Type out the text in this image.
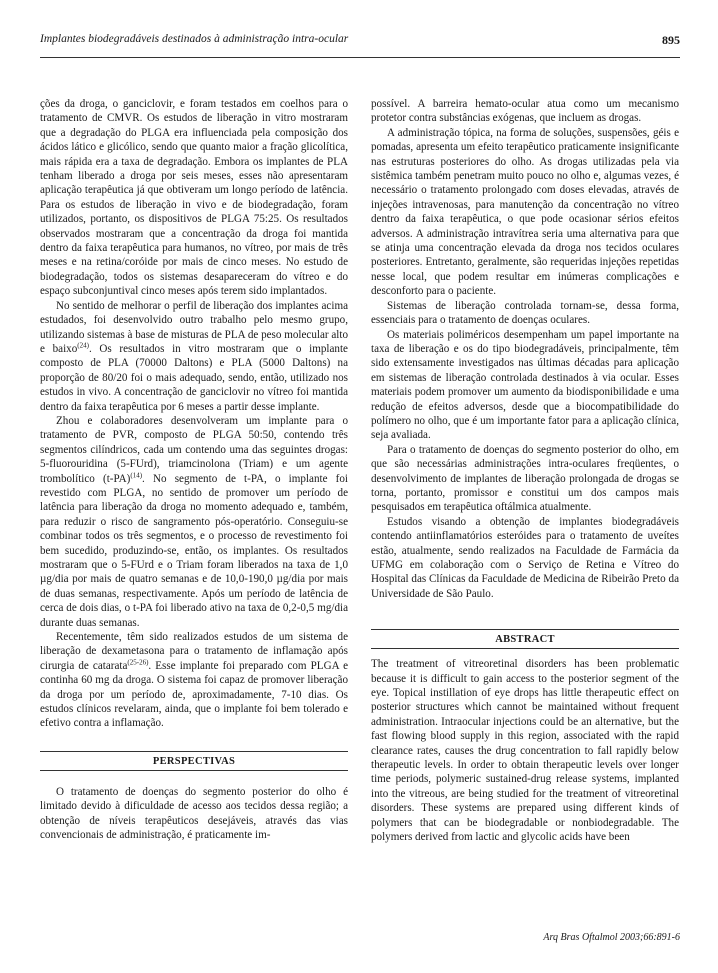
Implantes biodegradáveis destinados à administração intra-ocular	895

ções da droga, o ganciclovir, e foram testados em coelhos para o tratamento de CMVR. Os estudos de liberação in vitro mostraram que a degradação do PLGA era influenciada pela composição dos ácidos lático e glicólico, sendo que quanto maior a fração glicolítica, mais rápida era a taxa de degradação. Embora os implantes de PLA tenham liberado a droga por seis meses, esses não apresentaram aplicação terapêutica já que obtiveram um longo período de latência. Para os estudos de liberação in vivo e de biodegradação, foram utilizados, portanto, os dispositivos de PLGA 75:25. Os resultados observados mostraram que a concentração da droga foi mantida dentro da faixa terapêutica para humanos, no vítreo, por mais de três meses e na retina/coróide por mais de cinco meses. No estudo de biodegradação, todos os sistemas desapareceram do vítreo e do espaço subconjuntival cinco meses após terem sido implantados.

No sentido de melhorar o perfil de liberação dos implantes acima estudados, foi desenvolvido outro trabalho pelo mesmo grupo, utilizando sistemas à base de misturas de PLA de peso molecular alto e baixo$^{(24)}$. Os resultados in vitro mostraram que o implante composto de PLA (70000 Daltons) e PLA (5000 Daltons) na proporção de 80/20 foi o mais adequado, sendo, então, utilizado nos estudos in vivo. A concentração de ganciclovir no vítreo foi mantida dentro da faixa terapêutica por 6 meses a partir desse implante.

Zhou e colaboradores desenvolveram um implante para o tratamento de PVR, composto de PLGA 50:50, contendo três segmentos cilíndricos, cada um contendo uma das seguintes drogas: 5-fluorouridina (5-FUrd), triamcinolona (Triam) e um agente trombolítico $(t-PA)^{(14)}$. No segmento de t-PA, o implante foi revestido com PLGA, no sentido de promover um período de latência para liberação da droga no momento adequado e, também, para reduzir o risco de sangramento pós-operatório. Conseguiu-se combinar todos os três segmentos, e o processo de revestimento foi bem sucedido, produzindo-se, então, os implantes. Os resultados mostraram que o 5-FUrd e o Triam foram liberados na taxa de 1,0 µg/dia por mais de quatro semanas e de 10,0-190,0 µg/dia por mais de duas semanas, respectivamente. Após um período de latência de cerca de dois dias, o t-PA foi liberado ativo na taxa de 0,2-0,5 mg/dia durante duas semanas.

Recentemente, têm sido realizados estudos de um sistema de liberação de dexametasona para o tratamento de inflamação após cirurgia de catarata$^{(25-26)}$. Esse implante foi preparado com PLGA e continha 60 mg da droga. O sistema foi capaz de promover liberação da droga por um período de, aproximadamente, 7-10 dias. Os estudos clínicos revelaram, ainda, que o implante foi bem tolerado e efetivo contra a inflamação.

PERSPECTIVAS

O tratamento de doenças do segmento posterior do olho é limitado devido à dificuldade de acesso aos tecidos dessa região; a obtenção de níveis terapêuticos desejáveis, através das vias convencionais de administração, é praticamente im-

possível. A barreira hemato-ocular atua como um mecanismo protetor contra substâncias exógenas, que incluem as drogas.

A administração tópica, na forma de soluções, suspensões, géis e pomadas, apresenta um efeito terapêutico praticamente insignificante nas estruturas posteriores do olho. As drogas utilizadas pela via sistêmica também penetram muito pouco no olho e, algumas vezes, é necessário o tratamento prolongado com doses elevadas, através de injeções intravenosas, para manutenção da concentração no vítreo dentro da faixa terapêutica, o que pode ocasionar sérios efeitos adversos. A administração intravítrea seria uma alternativa para que se atinja uma concentração elevada da droga nos tecidos oculares posteriores. Entretanto, geralmente, são requeridas injeções repetidas nesse local, que podem resultar em inúmeras complicações e desconforto para o paciente.

Sistemas de liberação controlada tornam-se, dessa forma, essenciais para o tratamento de doenças oculares.

Os materiais poliméricos desempenham um papel importante na taxa de liberação e os do tipo biodegradáveis, principalmente, têm sido extensamente investigados nas últimas décadas para aplicação em sistemas de liberação controlada destinados à via ocular. Esses materiais podem promover um aumento da biodisponibilidade e uma redução de efeitos adversos, desde que a biocompatibilidade do polímero no olho, que é um importante fator para a aplicação clínica, seja avaliada.

Para o tratamento de doenças do segmento posterior do olho, em que são necessárias administrações intra-oculares freqüentes, o desenvolvimento de implantes de liberação prolongada de drogas se torna, portanto, promissor e constitui um dos campos mais pesquisados em terapêutica oftálmica atualmente.

Estudos visando a obtenção de implantes biodegradáveis contendo antiinflamatórios esteróides para o tratamento de uveítes estão, atualmente, sendo realizados na Faculdade de Farmácia da UFMG em colaboração com o Serviço de Retina e Vítreo do Hospital das Clínicas da Faculdade de Medicina de Ribeirão Preto da Universidade de São Paulo.

ABSTRACT

The treatment of vitreoretinal disorders has been problematic because it is difficult to gain access to the posterior segment of the eye. Topical instillation of eye drops has little therapeutic effect on posterior structures which cannot be maintained without frequent administration. Intraocular injections could be an alternative, but the fast flowing blood supply in this region, associated with the rapid clearance rates, causes the drug concentration to fall rapidly below therapeutic levels. In order to obtain therapeutic levels over longer time periods, polymeric sustained-drug release systems, implanted into the vitreous, are being studied for the treatment of vitreoretinal disorders. These systems are prepared using different kinds of polymers that can be biodegradable or nonbiodegradable. The polymers derived from lactic and glycolic acids have been

Arq Bras Oftalmol 2003;66:891-6
